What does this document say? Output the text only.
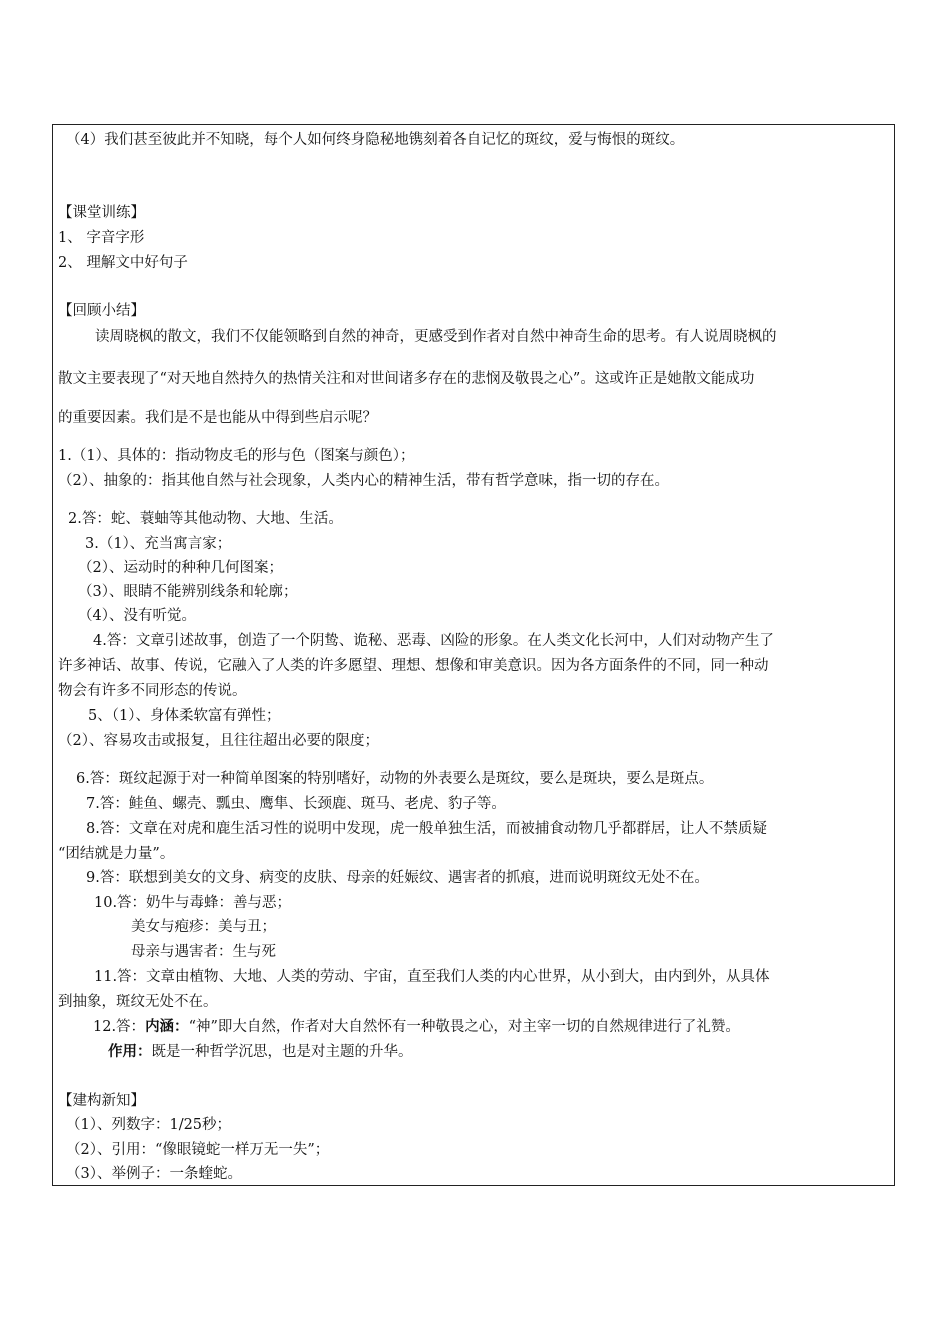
（4）我们甚至彼此并不知晓，每个人如何终身隐秘地镌刻着各自记忆的斑纹，爱与悔恨的斑纹。
【课堂训练】
1、 字音字形
2、 理解文中好句子
【回顾小结】
读周晓枫的散文，我们不仅能领略到自然的神奇，更感受到作者对自然中神奇生命的思考。有人说周晓枫的
散文主要表现了“对天地自然持久的热情关注和对世间诸多存在的悲悯及敬畏之心”。这或许正是她散文能成功
的重要因素。我们是不是也能从中得到些启示呢？
1.（1）、具体的：指动物皮毛的形与色（图案与颜色）；
（2）、抽象的：指其他自然与社会现象，人类内心的精神生活，带有哲学意味，指一切的存在。
2.答：蛇、蓑蚰等其他动物、大地、生活。
3.（1）、充当寓言家；
（2）、运动时的种种几何图案；
（3）、眼睛不能辨别线条和轮廓；
（4）、没有听觉。
4.答：文章引述故事，创造了一个阴鸷、诡秘、恶毒、凶险的形象。在人类文化长河中，人们对动物产生了
许多神话、故事、传说，它融入了人类的许多愿望、理想、想像和审美意识。因为各方面条件的不同，同一种动
物会有许多不同形态的传说。
5、（1）、身体柔软富有弹性；
（2）、容易攻击或报复，且往往超出必要的限度；
6.答：斑纹起源于对一种简单图案的特别嗜好，动物的外表要么是斑纹，要么是斑块，要么是斑点。
7.答：鲑鱼、螺壳、瓢虫、鹰隼、长颈鹿、斑马、老虎、豹子等。
8.答：文章在对虎和鹿生活习性的说明中发现，虎一般单独生活，而被捕食动物几乎都群居，让人不禁质疑
“团结就是力量”。
9.答：联想到美女的文身、病变的皮肤、母亲的妊娠纹、遇害者的抓痕，进而说明斑纹无处不在。
10.答：奶牛与毒蜂：善与恶；
美女与疱疹：美与丑；
母亲与遇害者：生与死
11.答：文章由植物、大地、人类的劳动、宇宙，直至我们人类的内心世界，从小到大，由内到外，从具体
到抽象，斑纹无处不在。
12.答：内涵：“神”即大自然，作者对大自然怀有一种敬畏之心，对主宰一切的自然规律进行了礼赞。
作用：既是一种哲学沉思，也是对主题的升华。
【建构新知】
（1）、列数字：1/25秒；
（2）、引用：“像眼镜蛇一样万无一失”；
（3）、举例子：一条蝰蛇。
